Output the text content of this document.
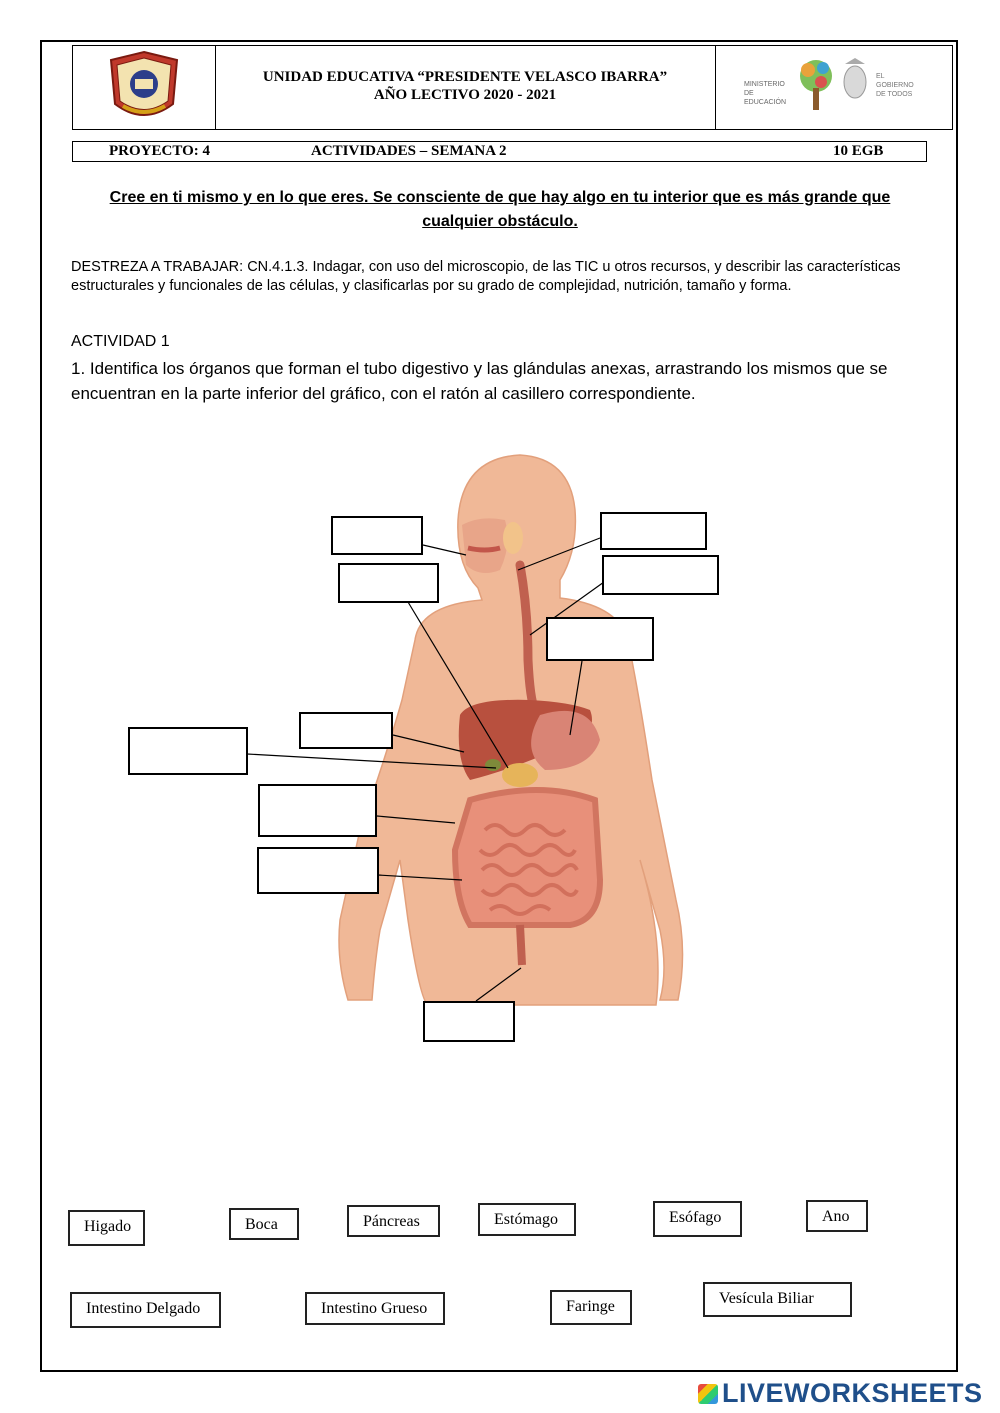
UNIDAD EDUCATIVA “PRESIDENTE VELASCO IBARRA”
AÑO LECTIVO 2020 - 2021
MINISTERIO DE EDUCACIÓN
EL GOBIERNO DE TODOS
PROYECTO: 4	ACTIVIDADES – SEMANA 2	10 EGB
Cree en ti mismo y en lo que eres. Se consciente de que hay algo en tu interior que es más grande que cualquier obstáculo.
DESTREZA A TRABAJAR: CN.4.1.3. Indagar, con uso del microscopio, de las TIC u otros recursos, y describir las características estructurales y funcionales de las células, y clasificarlas por su grado de complejidad, nutrición, tamaño y forma.
ACTIVIDAD 1
1. Identifica los órganos que forman el tubo digestivo y las glándulas anexas, arrastrando los mismos que se encuentran en la parte inferior del gráfico, con el ratón al casillero correspondiente.
Higado	Boca	Páncreas	Estómago	Esófago	Ano
Intestino Delgado	Intestino Grueso	Faringe	Vesícula Biliar
LIVEWORKSHEETS
